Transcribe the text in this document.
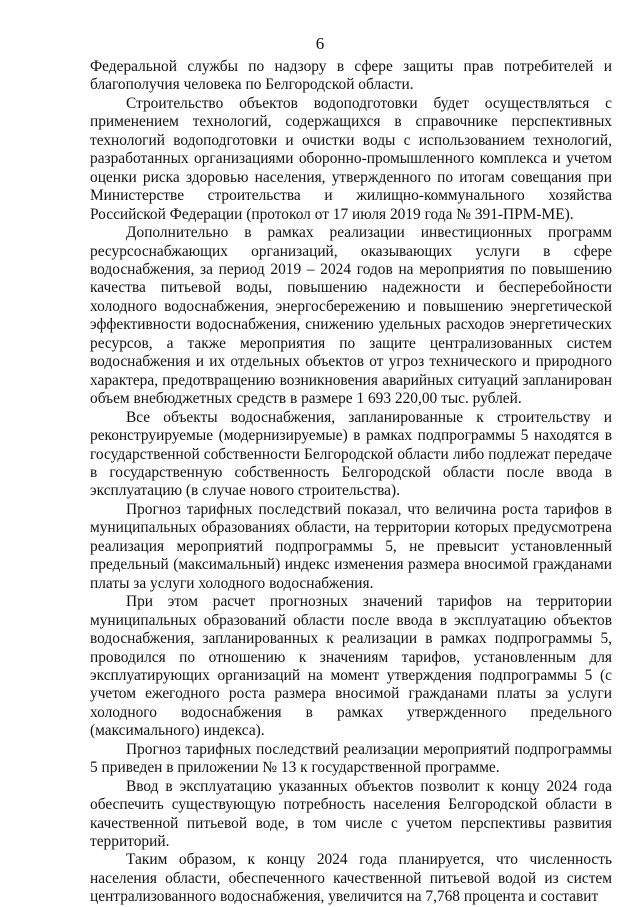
6

Федеральной службы по надзору в сфере защиты прав потребителей и благополучия человека по Белгородской области.

Строительство объектов водоподготовки будет осуществляться с применением технологий, содержащихся в справочнике перспективных технологий водоподготовки и очистки воды с использованием технологий, разработанных организациями оборонно-промышленного комплекса и учетом оценки риска здоровью населения, утвержденного по итогам совещания при Министерстве строительства и жилищно-коммунального хозяйства Российской Федерации (протокол от 17 июля 2019 года № 391-ПРМ-МЕ).

Дополнительно в рамках реализации инвестиционных программ ресурсоснабжающих организаций, оказывающих услуги в сфере водоснабжения, за период 2019 – 2024 годов на мероприятия по повышению качества питьевой воды, повышению надежности и бесперебойности холодного водоснабжения, энергосбережению и повышению энергетической эффективности водоснабжения, снижению удельных расходов энергетических ресурсов, а также мероприятия по защите централизованных систем водоснабжения и их отдельных объектов от угроз технического и природного характера, предотвращению возникновения аварийных ситуаций запланирован объем внебюджетных средств в размере 1 693 220,00 тыс. рублей.

Все объекты водоснабжения, запланированные к строительству и реконструируемые (модернизируемые) в рамках подпрограммы 5 находятся в государственной собственности Белгородской области либо подлежат передаче в государственную собственность Белгородской области после ввода в эксплуатацию (в случае нового строительства).

Прогноз тарифных последствий показал, что величина роста тарифов в муниципальных образованиях области, на территории которых предусмотрена реализация мероприятий подпрограммы 5, не превысит установленный предельный (максимальный) индекс изменения размера вносимой гражданами платы за услуги холодного водоснабжения.

При этом расчет прогнозных значений тарифов на территории муниципальных образований области после ввода в эксплуатацию объектов водоснабжения, запланированных к реализации в рамках подпрограммы 5, проводился по отношению к значениям тарифов, установленным для эксплуатирующих организаций на момент утверждения подпрограммы 5 (с учетом ежегодного роста размера вносимой гражданами платы за услуги холодного водоснабжения в рамках утвержденного предельного (максимального) индекса).

Прогноз тарифных последствий реализации мероприятий подпрограммы 5 приведен в приложении № 13 к государственной программе.

Ввод в эксплуатацию указанных объектов позволит к концу 2024 года обеспечить существующую потребность населения Белгородской области в качественной питьевой воде, в том числе с учетом перспективы развития территорий.

Таким образом, к концу 2024 года планируется, что численность населения области, обеспеченного качественной питьевой водой из систем централизованного водоснабжения, увеличится на 7,768 процента и составит
